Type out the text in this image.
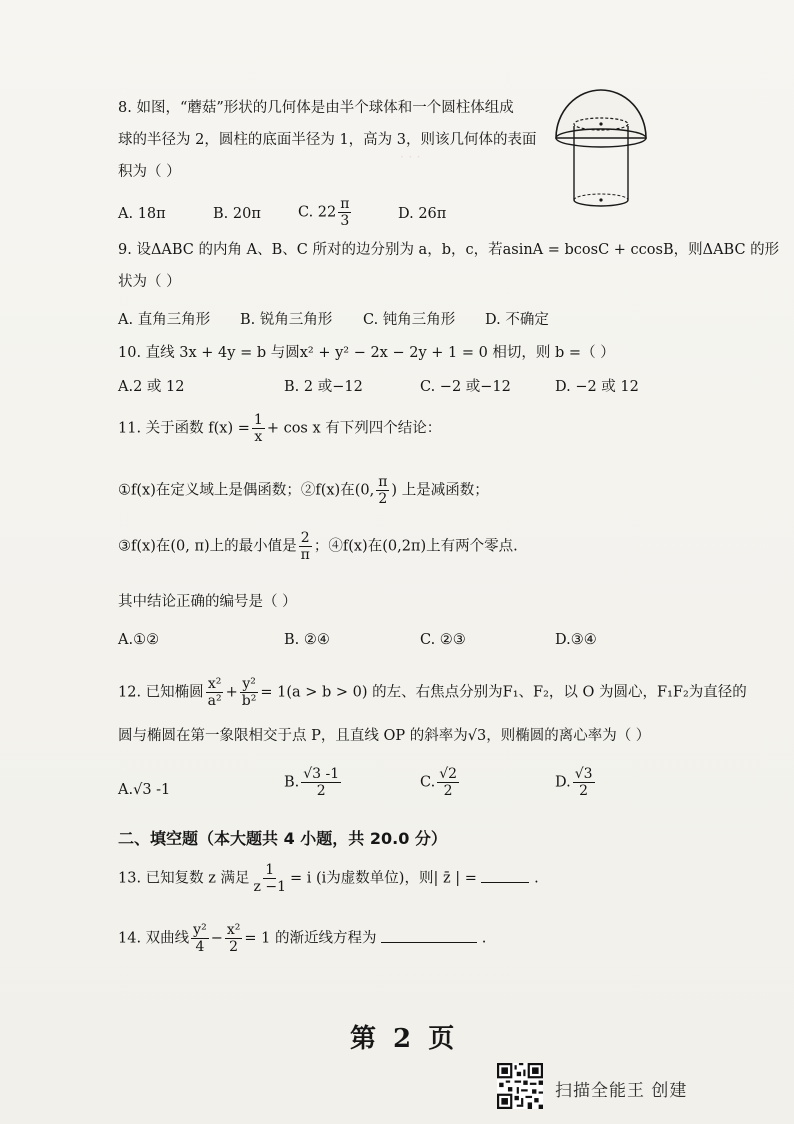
· · ·
8. 如图，“蘑菇”形状的几何体是由半个球体和一个圆柱体组成
球的半径为 2，圆柱的底面半径为 1，高为 3，则该几何体的表面
积为（ ）
A. 18π	B. 20π	C. $22 \frac{\pi}{3}$	D. 26π
9. 设ΔABC 的内角 A、B、C 所对的边分别为 a，b，c，若asinA = bcosC + ccosB，则ΔABC 的形
状为（ ）
A. 直角三角形 B. 锐角三角形 C. 钝角三角形 D. 不确定
10. 直线 3x + 4y = b 与圆x² + y² − 2x − 2y + 1 = 0 相切，则 b =（ ）
A.2 或 12	B. 2 或−12	C. −2 或−12	D. −2 或 12
11. 关于函数 $f(x) = \frac{1}{x} + \cos x$ 有下列四个结论：
①f(x)在定义域上是偶函数；②f(x)在(0, $\frac{\pi}{2}$ ) 上是减函数；
③f(x)在(0, π)上的最小值是 $\frac{2}{\pi}$ ；④f(x)在(0,2π)上有两个零点.
其中结论正确的编号是（ ）
A.①②	B. ②④	C. ②③	D.③④
12. 已知椭圆 $\frac{\text{x²}}{\text{a²}} + \frac{\text{y²}}{\text{b²}} = 1(a > b > 0)$ 的左、右焦点分别为F₁、F₂，以 O 为圆心，F₁F₂为直径的
圆与椭圆在第一象限相交于点 P，且直线 OP 的斜率为√3，则椭圆的离心率为（ ）
A.√3 -1	B. $\frac{√3 -1}{2}$	C. $\frac{√2}{2}$	D. $\frac{√3}{2}$
二、填空题（本大题共 4 小题，共 20.0 分）
13. 已知复数 z 满足 $\frac{1}{z -1} = i$ (i为虚数单位)，则| z̄ | =	.
14. 双曲线 $\frac{\text{y²}}{4} - \frac{\text{x²}}{2} = 1$ 的渐近线方程为	.
第 2 页
扫描全能王 创建
